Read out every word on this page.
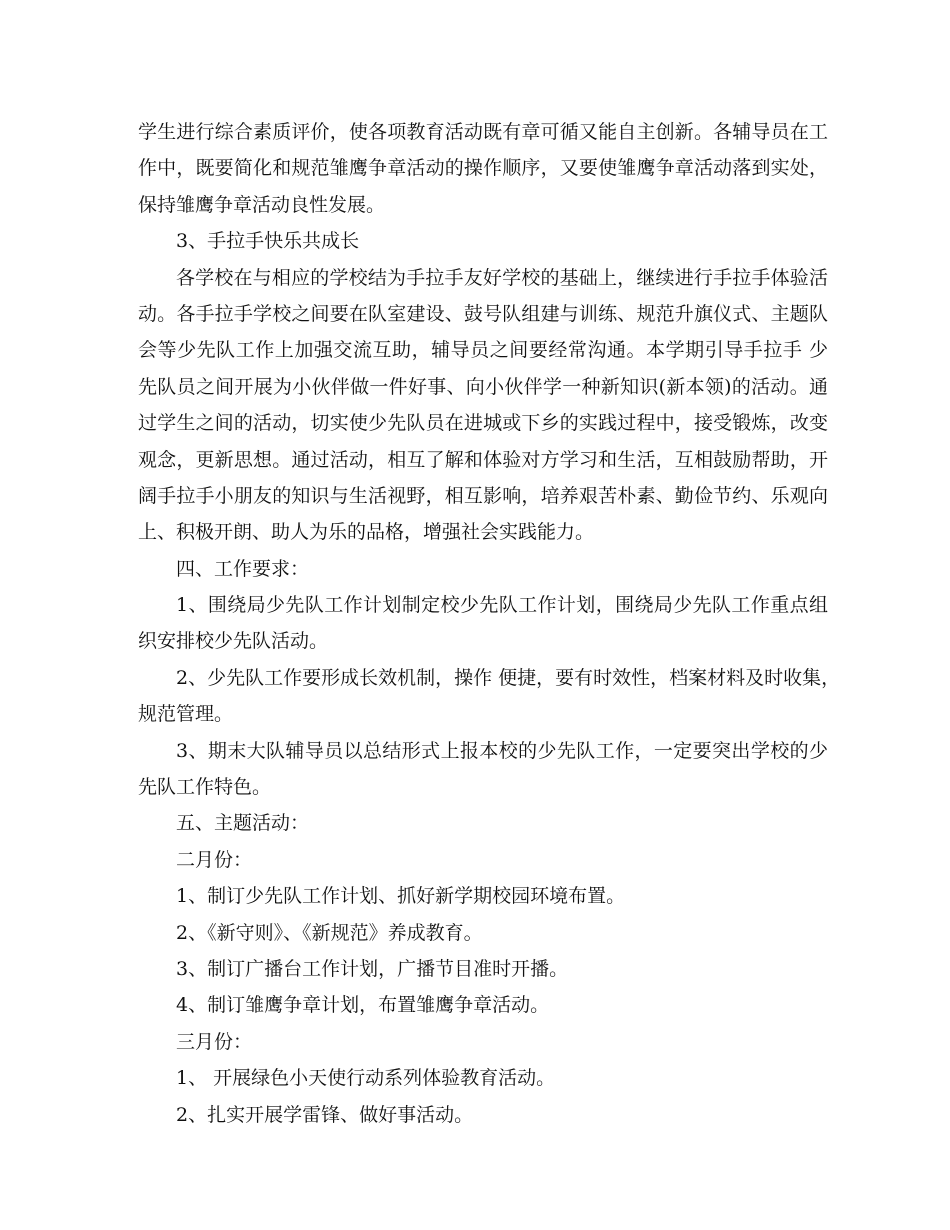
学生进行综合素质评价，使各项教育活动既有章可循又能自主创新。各辅导员在工
作中，既要简化和规范雏鹰争章活动的操作顺序，又要使雏鹰争章活动落到实处，
保持雏鹰争章活动良性发展。
3、手拉手快乐共成长
各学校在与相应的学校结为手拉手友好学校的基础上，继续进行手拉手体验活
动。各手拉手学校之间要在队室建设、鼓号队组建与训练、规范升旗仪式、主题队
会等少先队工作上加强交流互助，辅导员之间要经常沟通。本学期引导手拉手 少
先队员之间开展为小伙伴做一件好事、向小伙伴学一种新知识(新本领)的活动。通
过学生之间的活动，切实使少先队员在进城或下乡的实践过程中，接受锻炼，改变
观念，更新思想。通过活动，相互了解和体验对方学习和生活，互相鼓励帮助，开
阔手拉手小朋友的知识与生活视野，相互影响，培养艰苦朴素、勤俭节约、乐观向
上、积极开朗、助人为乐的品格，增强社会实践能力。
四、工作要求：
1、围绕局少先队工作计划制定校少先队工作计划，围绕局少先队工作重点组
织安排校少先队活动。
2、少先队工作要形成长效机制，操作 便捷，要有时效性，档案材料及时收集，
规范管理。
3、期末大队辅导员以总结形式上报本校的少先队工作，一定要突出学校的少
先队工作特色。
五、主题活动：
二月份：
1、制订少先队工作计划、抓好新学期校园环境布置。
2、《新守则》、《新规范》养成教育。
3、制订广播台工作计划，广播节目准时开播。
4、制订雏鹰争章计划，布置雏鹰争章活动。
三月份：
1、 开展绿色小天使行动系列体验教育活动。
2、扎实开展学雷锋、做好事活动。
